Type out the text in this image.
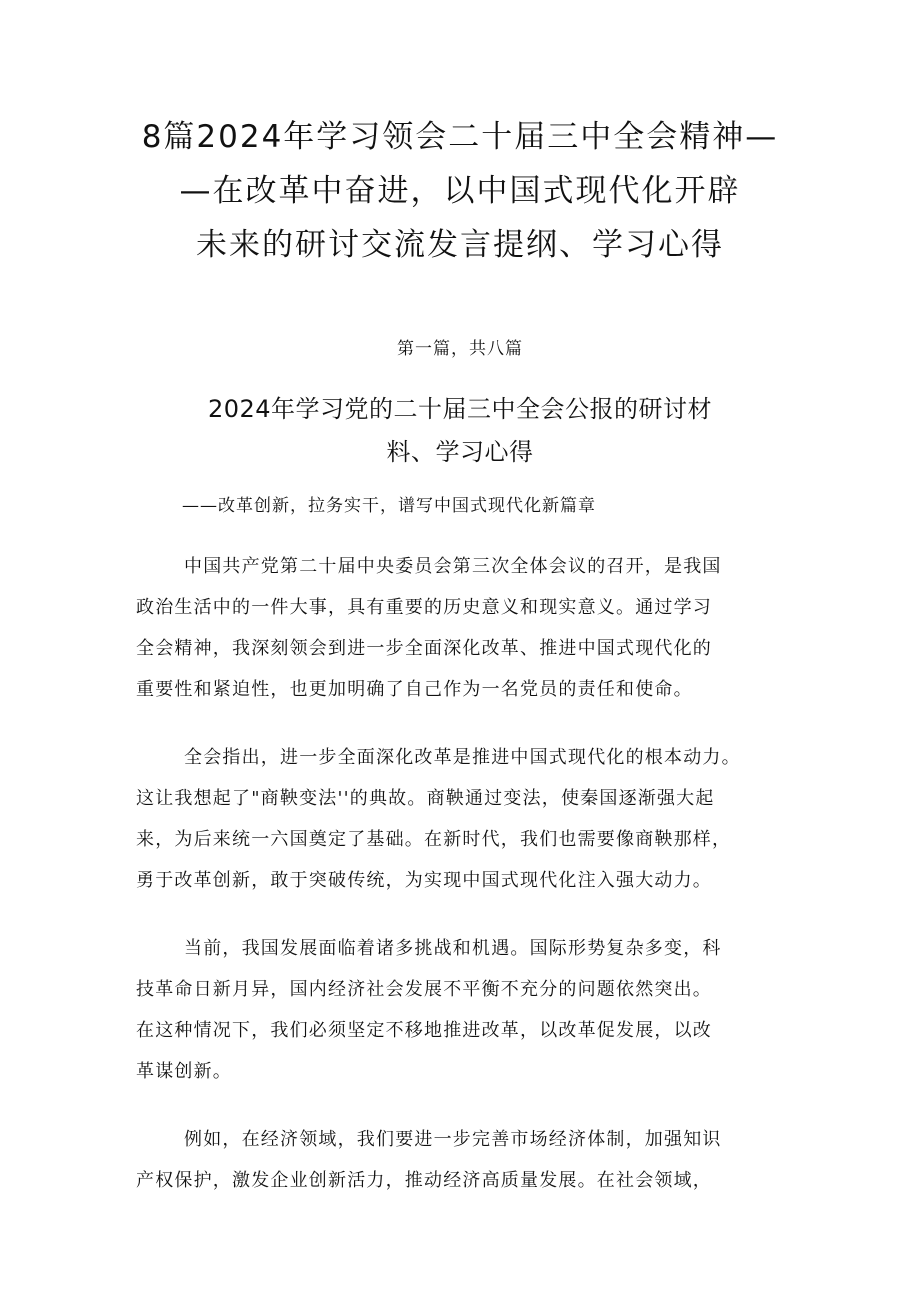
8篇2024年学习领会二十届三中全会精神—
—在改革中奋进，以中国式现代化开辟
未来的研讨交流发言提纲、学习心得
第一篇，共八篇
2024年学习党的二十届三中全会公报的研讨材
料、学习心得
——改革创新，拉务实干，谱写中国式现代化新篇章
中国共产党第二十届中央委员会第三次全体会议的召开，是我国
政治生活中的一件大事，具有重要的历史意义和现实意义。通过学习
全会精神，我深刻领会到进一步全面深化改革、推进中国式现代化的
重要性和紧迫性，也更加明确了自己作为一名党员的责任和使命。
全会指出，进一步全面深化改革是推进中国式现代化的根本动力。
这让我想起了"商鞅变法''的典故。商鞅通过变法，使秦国逐渐强大起
来，为后来统一六国奠定了基础。在新时代，我们也需要像商鞅那样，
勇于改革创新，敢于突破传统，为实现中国式现代化注入强大动力。
当前，我国发展面临着诸多挑战和机遇。国际形势复杂多变，科
技革命日新月异，国内经济社会发展不平衡不充分的问题依然突出。
在这种情况下，我们必须坚定不移地推进改革，以改革促发展，以改
革谋创新。
例如，在经济领域，我们要进一步完善市场经济体制，加强知识
产权保护，激发企业创新活力，推动经济高质量发展。在社会领域，
